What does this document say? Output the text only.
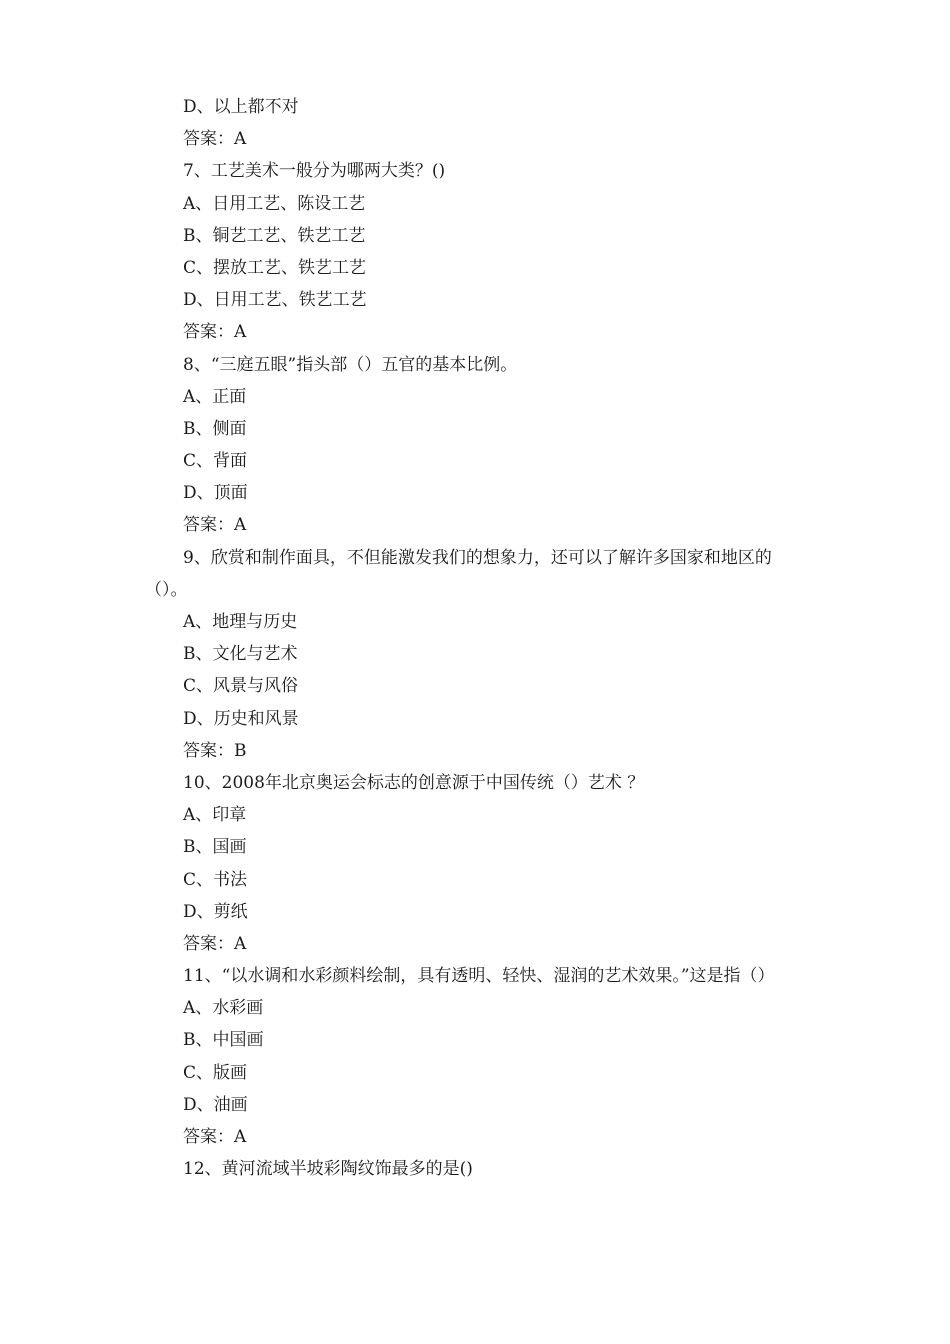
D、以上都不对

答案：A

7、工艺美术一般分为哪两大类？()

A、日用工艺、陈设工艺

B、铜艺工艺、铁艺工艺

C、摆放工艺、铁艺工艺

D、日用工艺、铁艺工艺

答案：A

8、“三庭五眼”指头部（）五官的基本比例。

A、正面

B、侧面

C、背面

D、顶面

答案：A

9、欣赏和制作面具，不但能激发我们的想象力，还可以了解许多国家和地区的（）。

A、地理与历史

B、文化与艺术

C、风景与风俗

D、历史和风景

答案：B

10、2008年北京奥运会标志的创意源于中国传统（）艺术 ？

A、印章

B、国画

C、书法

D、剪纸

答案：A

11、“以水调和水彩颜料绘制，具有透明、轻快、湿润的艺术效果。”这是指（）

A、水彩画

B、中国画

C、版画

D、油画

答案：A

12、黄河流域半坡彩陶纹饰最多的是()
